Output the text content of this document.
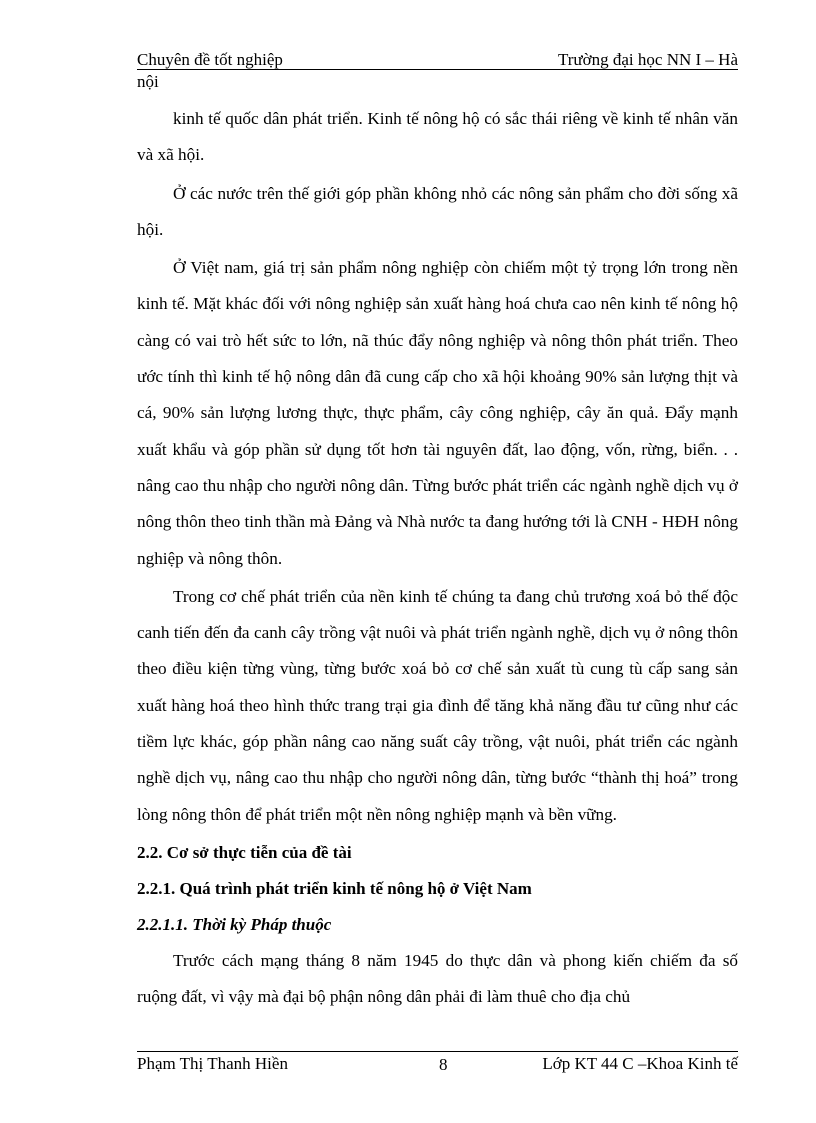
Chuyên đề tốt nghiệp	Trường đại học NN I – Hà
nội

kinh tế quốc dân phát triển. Kinh tế nông hộ có sắc thái riêng về kinh tế nhân văn và xã hội.

Ở các nước trên thế giới góp phần không nhỏ các nông sản phẩm cho đời sống xã hội.

Ở Việt nam, giá trị sản phẩm nông nghiệp còn chiếm một tỷ trọng lớn trong nền kinh tế. Mặt khác đối với nông nghiệp sản xuất hàng hoá chưa cao nên kinh tế nông hộ càng có vai trò hết sức to lớn, nã thúc đẩy nông nghiệp và nông thôn phát triển. Theo ước tính thì kinh tế hộ nông dân đã cung cấp cho xã hội khoảng 90% sản lượng thịt và cá, 90% sản lượng lương thực, thực phẩm, cây công nghiệp, cây ăn quả. Đẩy mạnh xuất khẩu và góp phần sử dụng tốt hơn tài nguyên đất, lao động, vốn, rừng, biển. . . nâng cao thu nhập cho người nông dân. Từng bước phát triển các ngành nghề dịch vụ ở nông thôn theo tinh thần mà Đảng và Nhà nước ta đang hướng tới là CNH - HĐH nông nghiệp và nông thôn.

Trong cơ chế phát triển của nền kinh tế chúng ta đang chủ trương xoá bỏ thế độc canh tiến đến đa canh cây trồng vật nuôi và phát triển ngành nghề, dịch vụ ở nông thôn theo điều kiện từng vùng, từng bước xoá bỏ cơ chế sản xuất tù cung tù cấp sang sản xuất hàng hoá theo hình thức trang trại gia đình để tăng khả năng đầu tư cũng như các tiềm lực khác, góp phần nâng cao năng suất cây trồng, vật nuôi, phát triển các ngành nghề dịch vụ, nâng cao thu nhập cho người nông dân, từng bước “thành thị hoá” trong lòng nông thôn để phát triển một nền nông nghiệp mạnh và bền vững.

2.2. Cơ sở thực tiễn của đề tài

2.2.1. Quá trình phát triển kinh tế nông hộ ở Việt Nam

2.2.1.1. Thời kỳ Pháp thuộc

Trước cách mạng tháng 8 năm 1945 do thực dân và phong kiến chiếm đa số ruộng đất, vì vậy mà đại bộ phận nông dân phải đi làm thuê cho địa chủ

Phạm Thị Thanh Hiền	Lớp KT 44 C –Khoa Kinh tế
8
